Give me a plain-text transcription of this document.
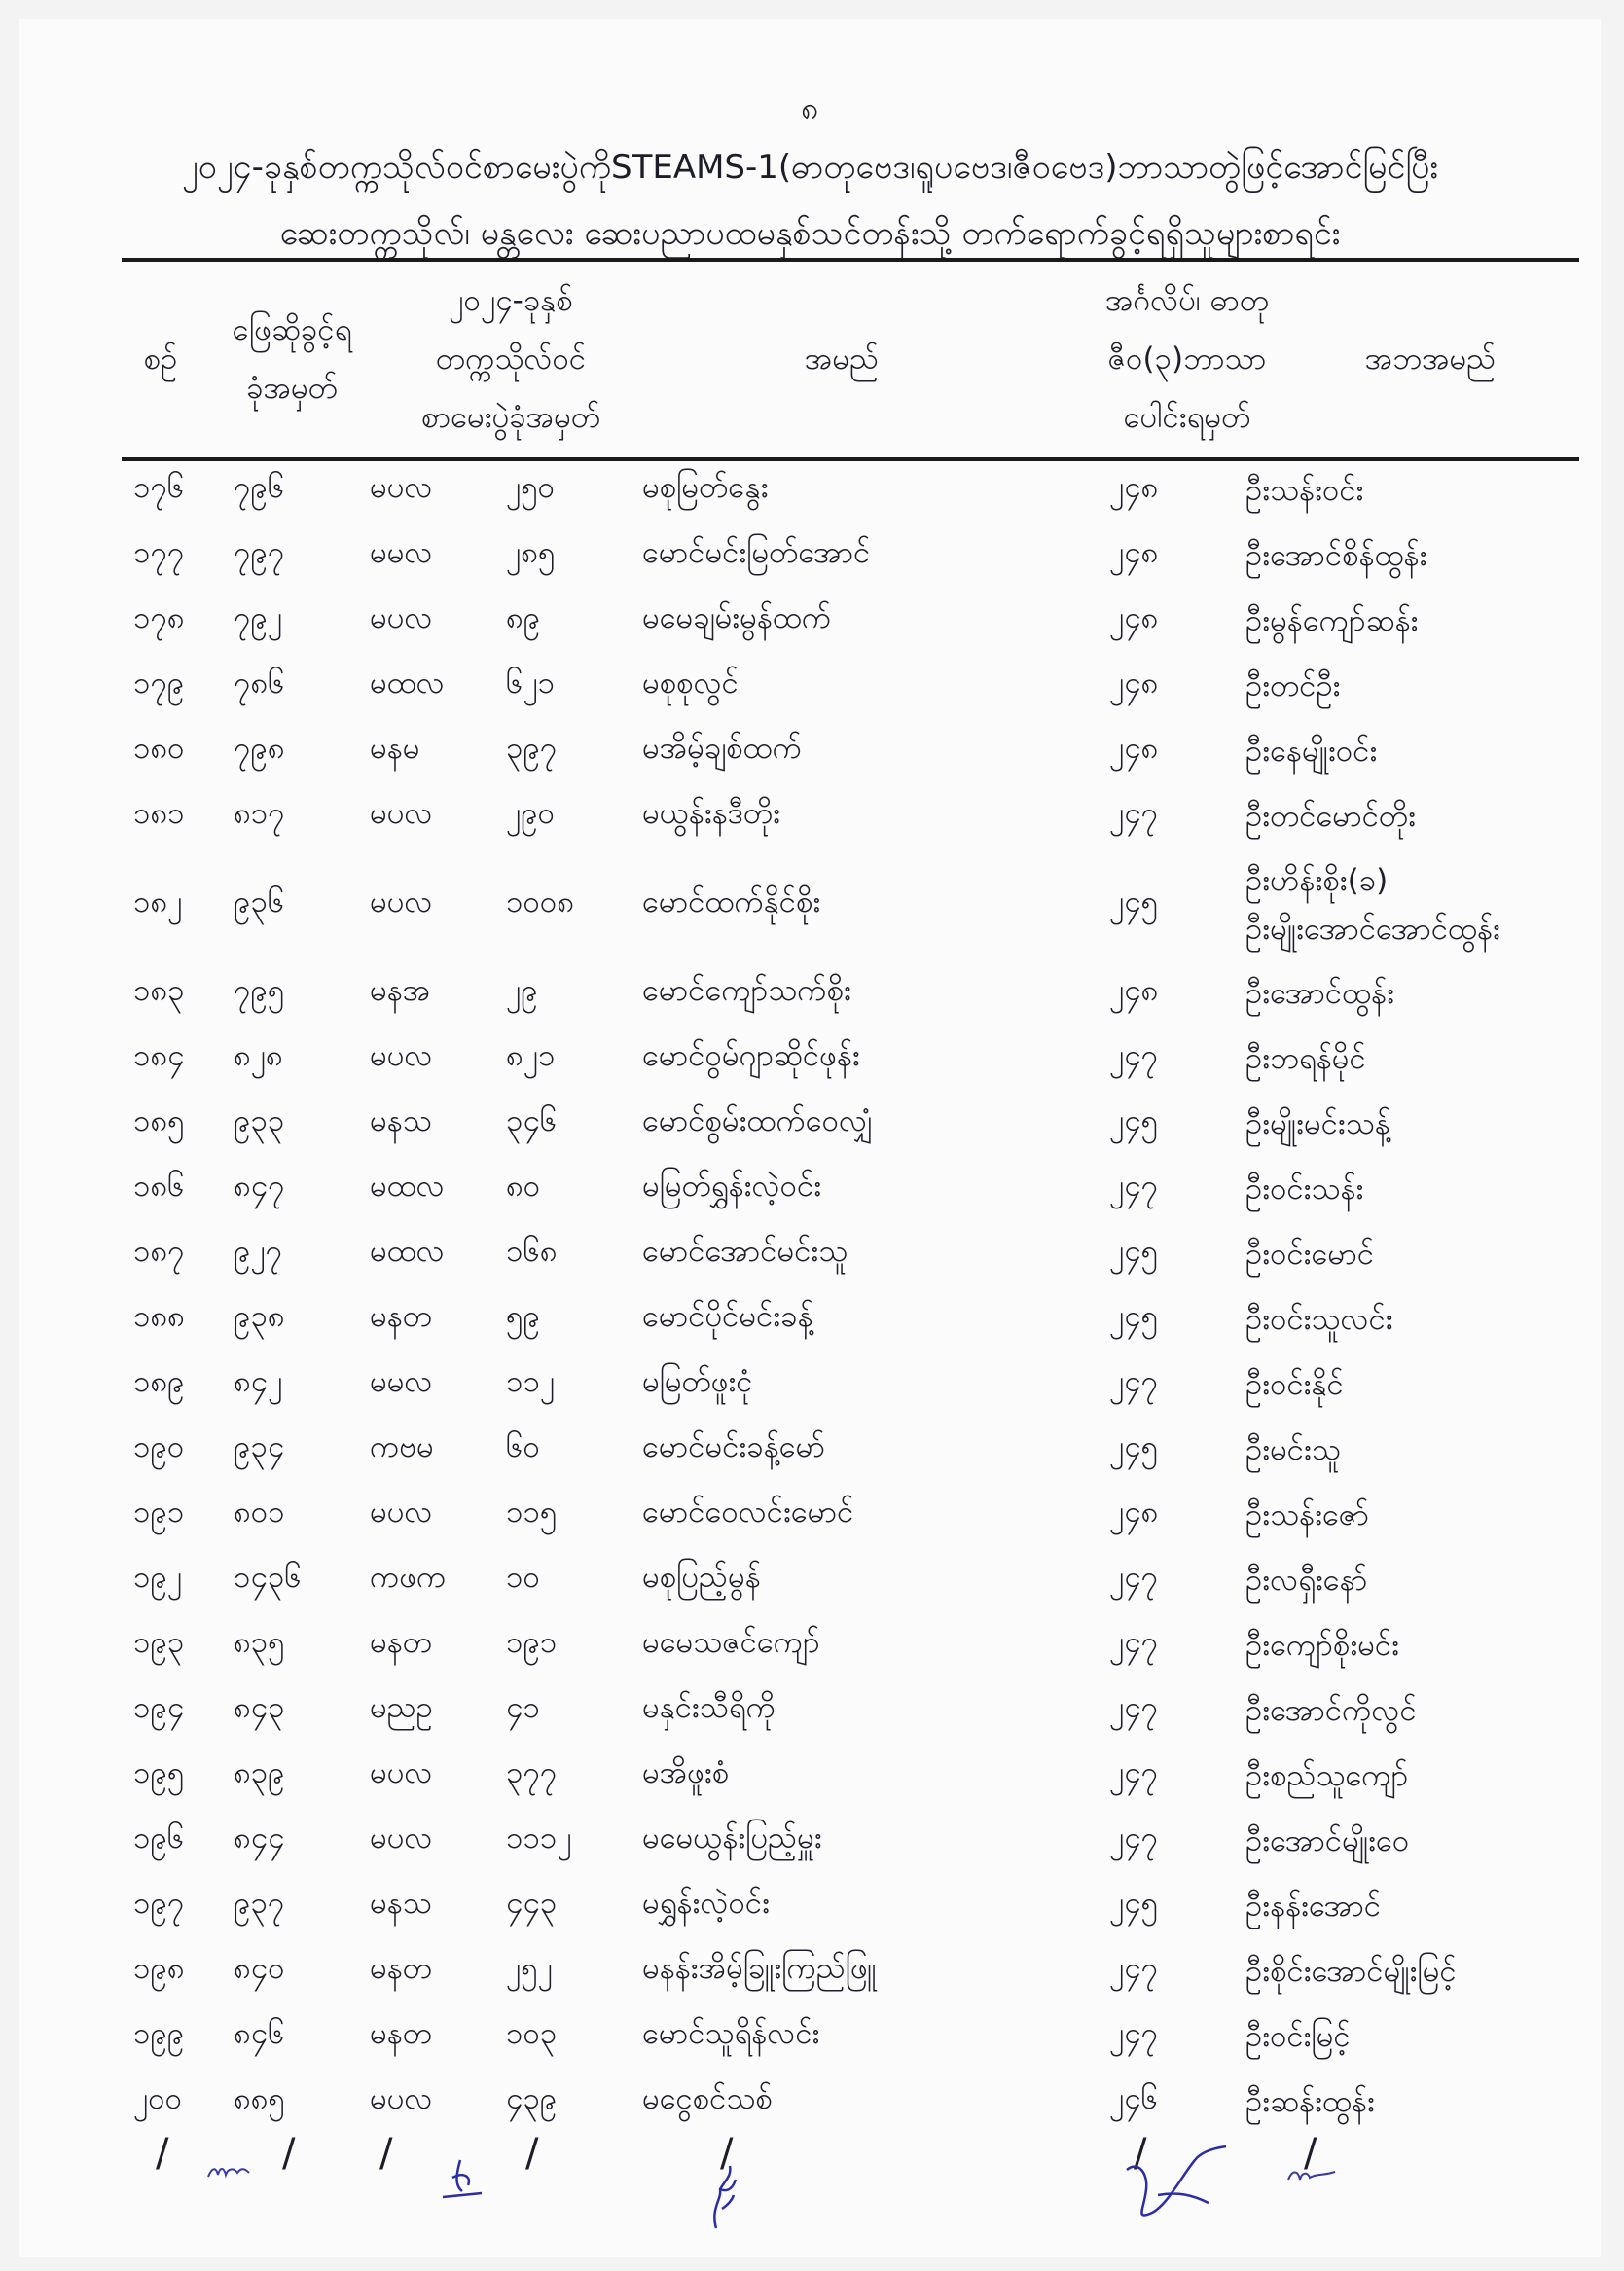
၈
၂၀၂၄-ခုနှစ်တက္ကသိုလ်ဝင်စာမေးပွဲကိုSTEAMS-1(ဓာတုဗေဒ၊ရူပဗေဒ၊ဇီဝဗေဒ)ဘာသာတွဲဖြင့်အောင်မြင်ပြီး
ဆေးတက္ကသိုလ်၊ မန္တလေး ဆေးပညာပထမနှစ်သင်တန်းသို့ တက်ရောက်ခွင့်ရရှိသူများစာရင်း
စဉ်
ဖြေဆိုခွင့်ရ
ခုံအမှတ်
၂၀၂၄-ခုနှစ်
တက္ကသိုလ်ဝင်
စာမေးပွဲခုံအမှတ်
အမည်
အင်္ဂလိပ်၊ ဓာတု
ဇီဝ(၃)ဘာသာ
ပေါင်းရမှတ်
အဘအမည်
၁၇၆	၇၉၆	မပလ	၂၅၀	မစုမြတ်နွေး	၂၄၈	ဦးသန်းဝင်း
၁၇၇	၇၉၇	မမလ	၂၈၅	မောင်မင်းမြတ်အောင်	၂၄၈	ဦးအောင်စိန်ထွန်း
၁၇၈	၇၉၂	မပလ	၈၉	မမေချမ်းမွန်ထက်	၂၄၈	ဦးမွန်ကျော်ဆန်း
၁၇၉	၇၈၆	မထလ	၆၂၁	မစုစုလွင်	၂၄၈	ဦးတင်ဦး
၁၈၀	၇၉၈	မနမ	၃၉၇	မအိမ့်ချစ်ထက်	၂၄၈	ဦးနေမျိုးဝင်း
၁၈၁	၈၁၇	မပလ	၂၉၀	မယွန်းနဒီတိုး	၂၄၇	ဦးတင်မောင်တိုး
၁၈၂	၉၃၆	မပလ	၁၀၀၈	မောင်ထက်နိုင်စိုး	၂၄၅	ဦးဟိန်းစိုး(ခ)
ဦးမျိုးအောင်အောင်ထွန်း

၁၈၃	၇၉၅	မနအ	၂၉	မောင်ကျော်သက်စိုး	၂၄၈	ဦးအောင်ထွန်း
၁၈၄	၈၂၈	မပလ	၈၂၁	မောင်ဝွမ်ဂျာဆိုင်ဖုန်း	၂၄၇	ဦးဘရန်မိုင်
၁၈၅	၉၃၃	မနသ	၃၄၆	မောင်စွမ်းထက်ဝေလျှံ	၂၄၅	ဦးမျိုးမင်းသန့်
၁၈၆	၈၄၇	မထလ	၈၀	မမြတ်ရွှန်းလဲ့ဝင်း	၂၄၇	ဦးဝင်းသန်း
၁၈၇	၉၂၇	မထလ	၁၆၈	မောင်အောင်မင်းသူ	၂၄၅	ဦးဝင်းမောင်
၁၈၈	၉၃၈	မနတ	၅၉	မောင်ပိုင်မင်းခန့်	၂၄၅	ဦးဝင်းသူလင်း
၁၈၉	၈၄၂	မမလ	၁၁၂	မမြတ်ဖူးငုံ	၂၄၇	ဦးဝင်းနိုင်
၁၉၀	၉၃၄	ကဗမ	၆၀	မောင်မင်းခန့်မော်	၂၄၅	ဦးမင်းသူ
၁၉၁	၈၀၁	မပလ	၁၁၅	မောင်ဝေလင်းမောင်	၂၄၈	ဦးသန်းဇော်
၁၉၂	၁၄၃၆	ကဖက	၁၀	မစုပြည့်မွန်	၂၄၇	ဦးလရှီးနော်
၁၉၃	၈၃၅	မနတ	၁၉၁	မမေသဇင်ကျော်	၂၄၇	ဦးကျော်စိုးမင်း
၁၉၄	၈၄၃	မညဥ	၄၁	မနှင်းသီရိကို	၂၄၇	ဦးအောင်ကိုလွင်
၁၉၅	၈၃၉	မပလ	၃၇၇	မအိဖူးစံ	၂၄၇	ဦးစည်သူကျော်
၁၉၆	၈၄၄	မပလ	၁၁၁၂	မမေယွန်းပြည့်မှူး	၂၄၇	ဦးအောင်မျိုးဝေ
၁၉၇	၉၃၇	မနသ	၄၄၃	မရွှန်းလဲ့ဝင်း	၂၄၅	ဦးနန်းအောင်
၁၉၈	၈၄၀	မနတ	၂၅၂	မနန်းအိမ့်ခြူးကြည်ဖြူ	၂၄၇	ဦးစိုင်းအောင်မျိုးမြင့်
၁၉၉	၈၄၆	မနတ	၁၀၃	မောင်သူရိန်လင်း	၂၄၇	ဦးဝင်းမြင့်
၂၀၀	၈၈၅	မပလ	၄၃၉	မငွေစင်သစ်	၂၄၆	ဦးဆန်းထွန်း
/	/ /	/	/	/	/
